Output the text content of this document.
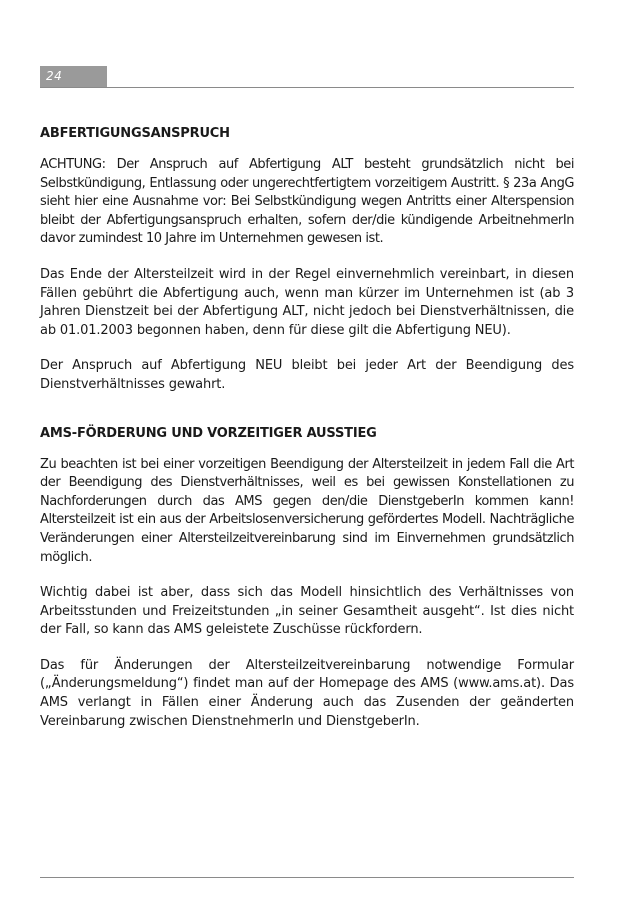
24
ABFERTIGUNGSANSPRUCH

ACHTUNG: Der Anspruch auf Abfertigung ALT besteht grundsätzlich nicht bei Selbstkündigung, Entlassung oder ungerechtfertigtem vorzeitigem Austritt. § 23a AngG sieht hier eine Ausnahme vor: Bei Selbstkündigung wegen Antritts einer Alterspension bleibt der Abfertigungsanspruch erhalten, sofern der/die kündigende ArbeitnehmerIn davor zumindest 10 Jahre im Unternehmen gewesen ist.

Das Ende der Altersteilzeit wird in der Regel einvernehmlich vereinbart, in diesen Fällen gebührt die Abfertigung auch, wenn man kürzer im Unternehmen ist (ab 3 Jahren Dienstzeit bei der Abfertigung ALT, nicht jedoch bei Dienstverhältnissen, die ab 01.01.2003 begonnen haben, denn für diese gilt die Abfertigung NEU).

Der Anspruch auf Abfertigung NEU bleibt bei jeder Art der Beendigung des Dienstverhältnisses gewahrt.

AMS-FÖRDERUNG UND VORZEITIGER AUSSTIEG

Zu beachten ist bei einer vorzeitigen Beendigung der Altersteilzeit in jedem Fall die Art der Beendigung des Dienstverhältnisses, weil es bei gewissen Konstellationen zu Nachforderungen durch das AMS gegen den/die DienstgeberIn kommen kann! Altersteilzeit ist ein aus der Arbeitslosenversicherung gefördertes Modell. Nachträgliche Veränderungen einer Altersteilzeitvereinbarung sind im Einvernehmen grundsätzlich möglich.

Wichtig dabei ist aber, dass sich das Modell hinsichtlich des Verhältnisses von Arbeitsstunden und Freizeitstunden „in seiner Gesamtheit ausgeht“. Ist dies nicht der Fall, so kann das AMS geleistete Zuschüsse rückfordern.

Das für Änderungen der Altersteilzeitvereinbarung notwendige Formular („Änderungsmeldung“) findet man auf der Homepage des AMS (www.ams.at). Das AMS verlangt in Fällen einer Änderung auch das Zusenden der geänderten Vereinbarung zwischen DienstnehmerIn und DienstgeberIn.
